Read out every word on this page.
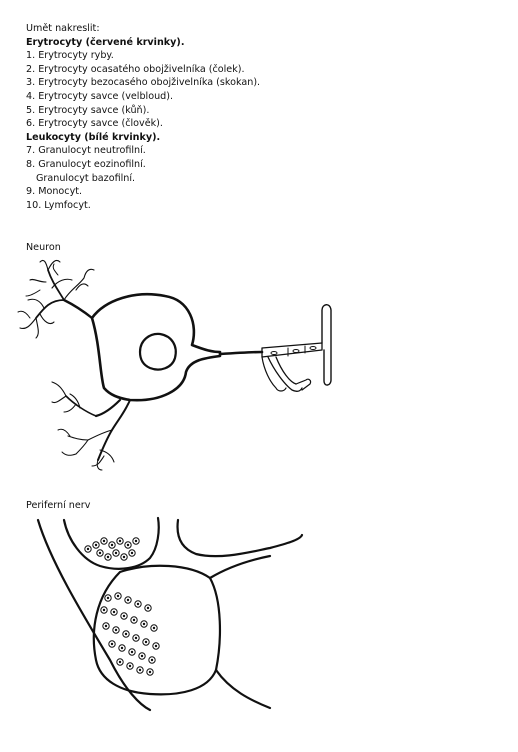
Umět nakreslit:
Erytrocyty (červené krvinky).
1. Erytrocyty ryby.
2. Erytrocyty ocasatého obojživelníka (čolek).
3. Erytrocyty bezocasého obojživelníka (skokan).
4. Erytrocyty savce (velbloud).
5. Erytrocyty savce (kůň).
6. Erytrocyty savce (člověk).
Leukocyty (bílé krvinky).
7. Granulocyt neutrofilní.
8. Granulocyt eozinofilní.
Granulocyt bazofilní.
9. Monocyt.
10. Lymfocyt.
Neuron
Periferní nerv
